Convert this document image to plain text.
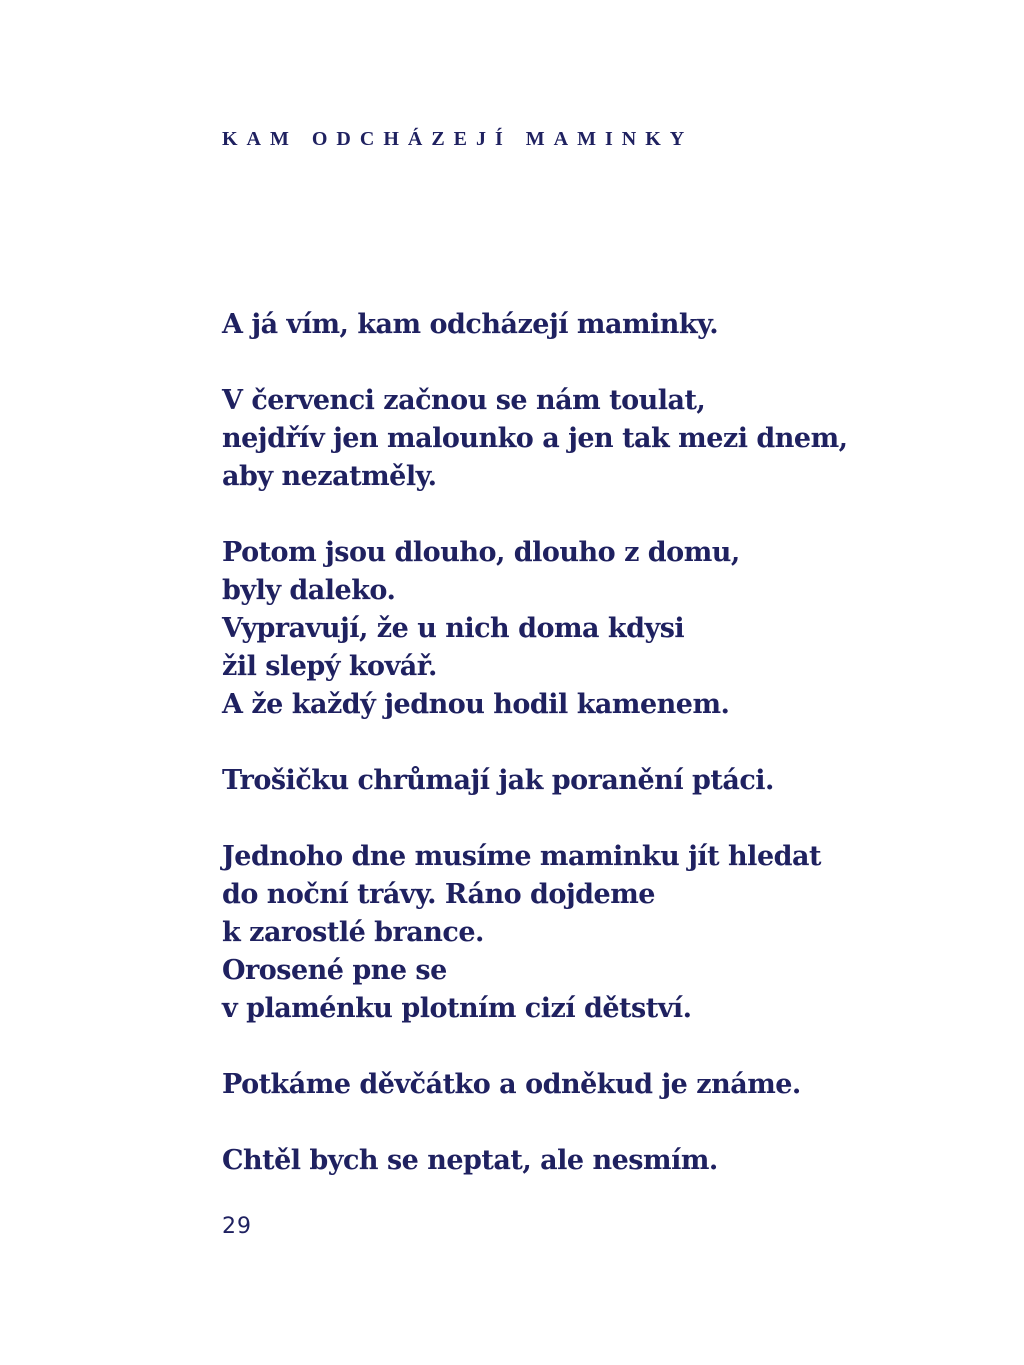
KAM ODCHÁZEJÍ MAMINKY
A já vím, kam odcházejí maminky.
V červenci začnou se nám toulat,
nejdřív jen malounko a jen tak mezi dnem,
aby nezatměly.
Potom jsou dlouho, dlouho z domu,
byly daleko.
Vypravují, že u nich doma kdysi
žil slepý kovář.
A že každý jednou hodil kamenem.
Trošičku chrůmají jak poranění ptáci.
Jednoho dne musíme maminku jít hledat
do noční trávy. Ráno dojdeme
k zarostlé brance.
Orosené pne se
v plaménku plotním cizí dětství.
Potkáme děvčátko a odněkud je známe.
Chtěl bych se neptat, ale nesmím.
29
